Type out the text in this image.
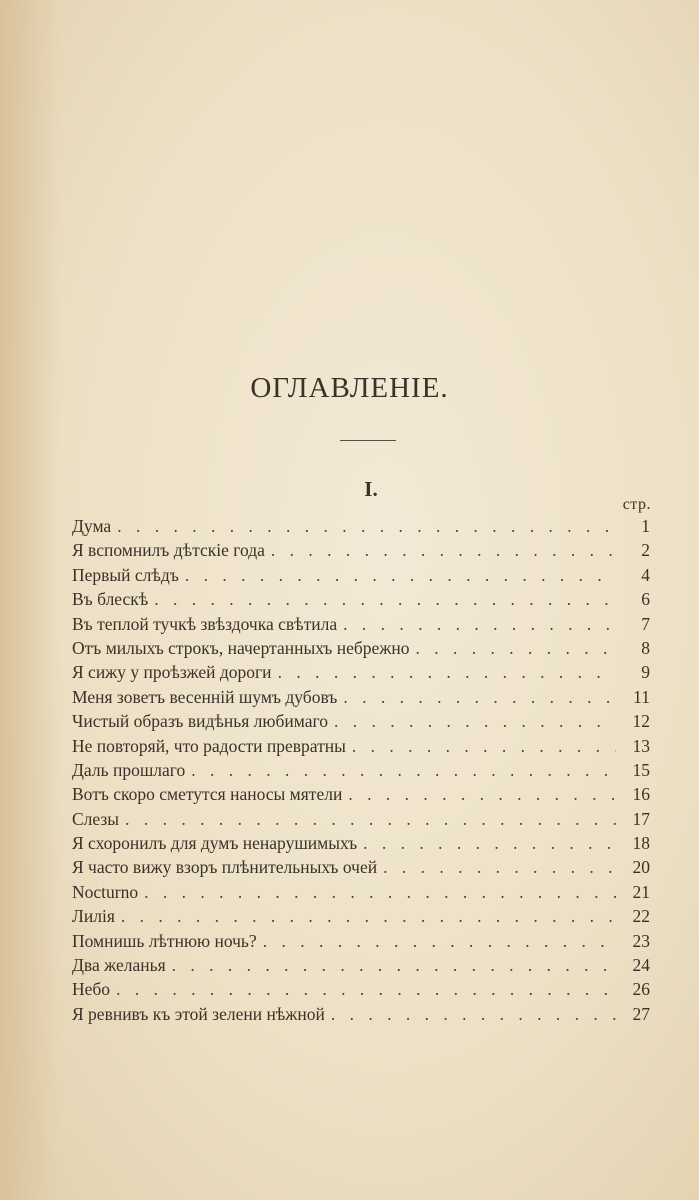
ОГЛАВЛЕНІЕ.
I.
стр.
Дума . . .	1
Я вспомнилъ дѣтскіе года . . .	2
Первый слѣдъ . . .	4
Въ блескѣ . . .	6
Въ теплой тучкѣ звѣздочка свѣтила . . .	7
Отъ милыхъ строкъ, начертанныхъ небрежно . . .	8
Я сижу у проѣзжей дороги . . .	9
Меня зоветъ весенній шумъ дубовъ . . .	11
Чистый образъ видѣнья любимаго . . .	12
Не повторяй, что радости превратны . . .	13
Даль прошлаго . . .	15
Вотъ скоро сметутся наносы мятели . . .	16
Слезы . . .	17
Я схоронилъ для думъ ненарушимыхъ . . .	18
Я часто вижу взоръ плѣнительныхъ очей . . .	20
Nocturno . . .	21
Лилія . . .	22
Помнишь лѣтнюю ночь? . . .	23
Два желанья . . .	24
Небо . . .	26
Я ревнивъ къ этой зелени нѣжной . . .	27
